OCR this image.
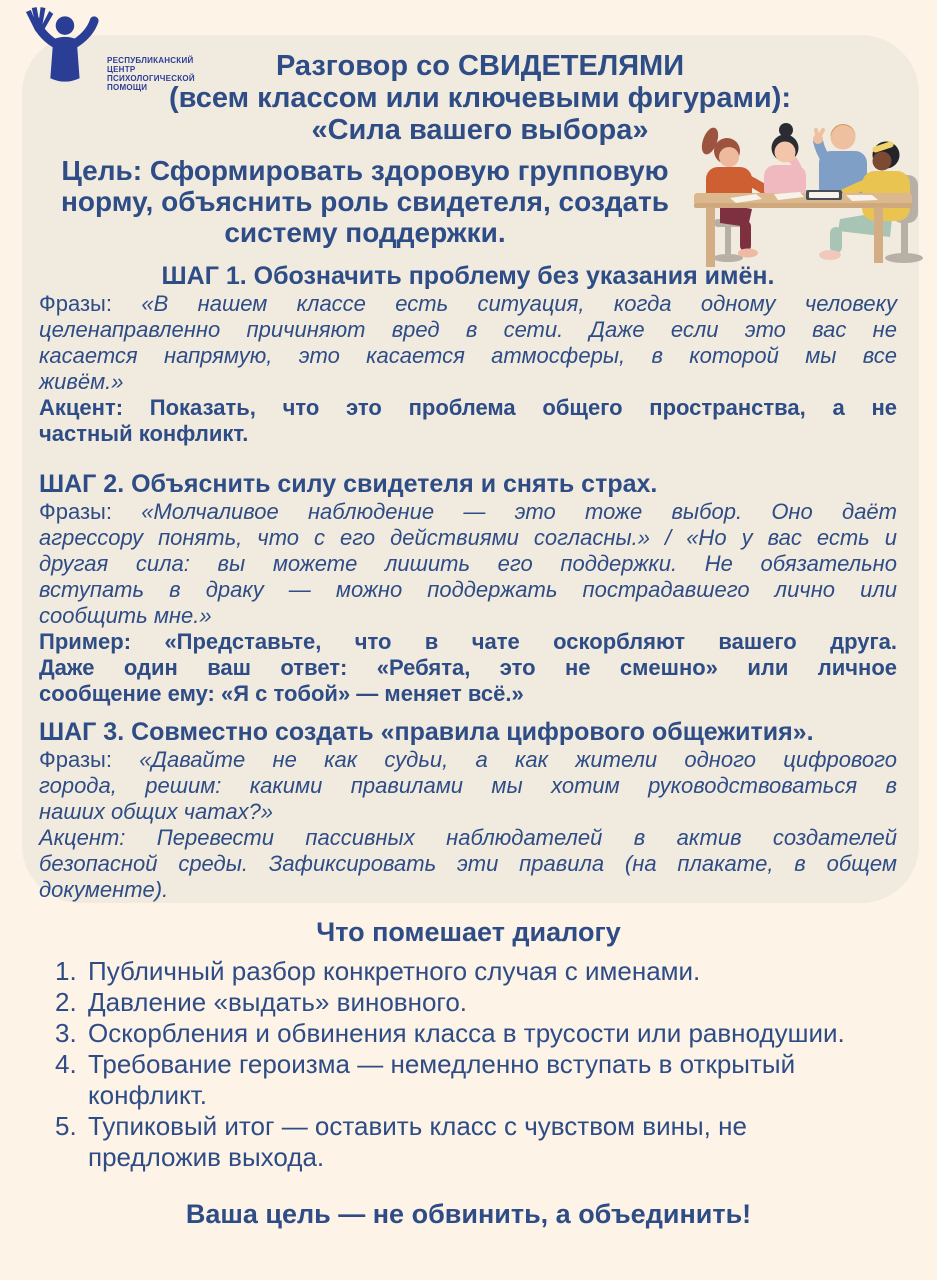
РЕСПУБЛИКАНСКИЙ
ЦЕНТР
ПСИХОЛОГИЧЕСКОЙ
ПОМОЩИ
Разговор со СВИДЕТЕЛЯМИ
(всем классом или ключевыми фигурами):
«Сила вашего выбора»
Цель: Сформировать здоровую групповую
норму, объяснить роль свидетеля, создать
систему поддержки.
ШАГ 1. Обозначить проблему без указания имён.
Фразы: «В нашем классе есть ситуация, когда одному человеку
целенаправленно причиняют вред в сети. Даже если это вас не
касается напрямую, это касается атмосферы, в которой мы все
живём.»
Акцент: Показать, что это проблема общего пространства, а не
частный конфликт.
ШАГ 2. Объяснить силу свидетеля и снять страх.
Фразы: «Молчаливое наблюдение — это тоже выбор. Оно даёт
агрессору понять, что с его действиями согласны.» / «Но у вас есть и
другая сила: вы можете лишить его поддержки. Не обязательно
вступать в драку — можно поддержать пострадавшего лично или
сообщить мне.»
Пример: «Представьте, что в чате оскорбляют вашего друга.
Даже один ваш ответ: «Ребята, это не смешно» или личное
сообщение ему: «Я с тобой» — меняет всё.»
ШАГ 3. Совместно создать «правила цифрового общежития».
Фразы: «Давайте не как судьи, а как жители одного цифрового
города, решим: какими правилами мы хотим руководствоваться в
наших общих чатах?»
Акцент: Перевести пассивных наблюдателей в актив создателей
безопасной среды. Зафиксировать эти правила (на плакате, в общем
документе).
Что помешает диалогу
1. Публичный разбор конкретного случая с именами.
2. Давление «выдать» виновного.
3. Оскорбления и обвинения класса в трусости или равнодушии.
4. Требование героизма — немедленно вступать в открытый
конфликт.
5. Тупиковый итог — оставить класс с чувством вины, не
предложив выхода.
Ваша цель — не обвинить, а объединить!
